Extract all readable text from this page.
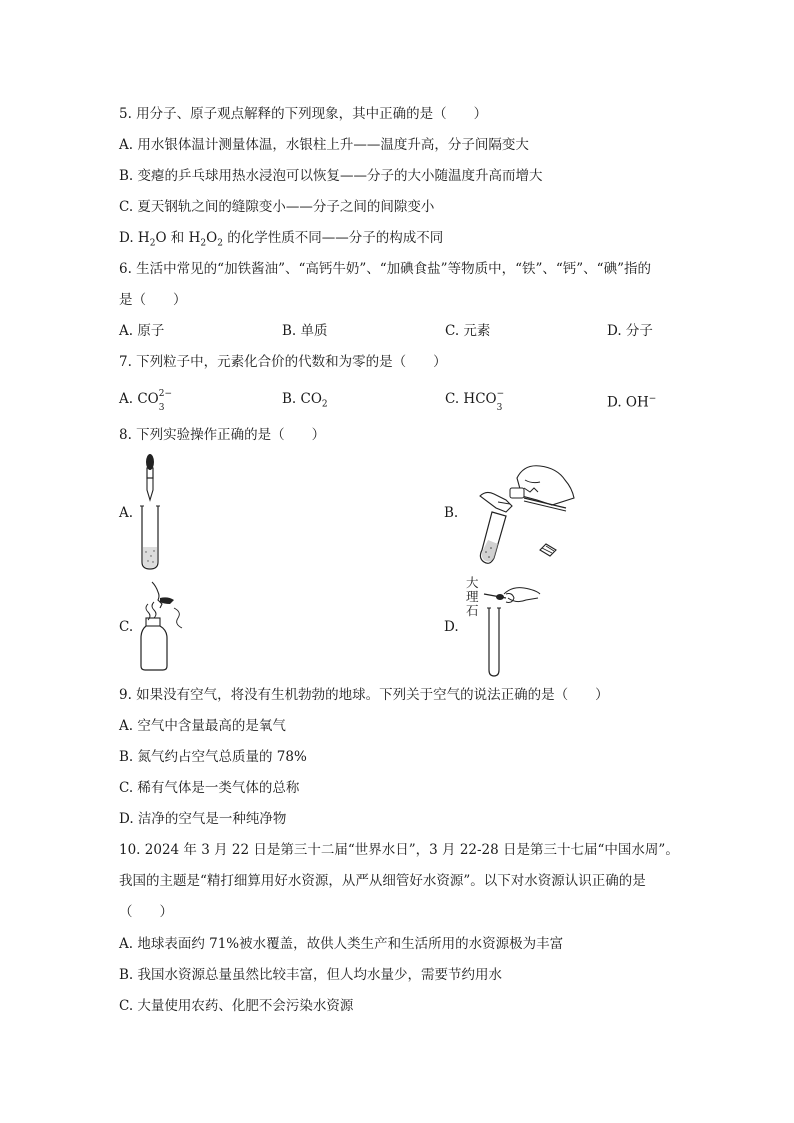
5. 用分子、原子观点解释的下列现象，其中正确的是（　　）
A. 用水银体温计测量体温，水银柱上升——温度升高，分子间隔变大
B. 变瘪的乒乓球用热水浸泡可以恢复——分子的大小随温度升高而增大
C. 夏天钢轨之间的缝隙变小——分子之间的间隙变小
D. $H_2O$ 和 $H_2O_2$ 的化学性质不同——分子的构成不同
6. 生活中常见的“加铁酱油”、“高钙牛奶”、“加碘食盐”等物质中，“铁”、“钙”、“碘”指的
是（　　）
A. 原子	B. 单质	C. 元素	D. 分子
7. 下列粒子中，元素化合价的代数和为零的是（　　）
A. CO 2−
3
B. $CO_2$	C. HCO −
3	D. OH−
8. 下列实验操作正确的是（　　）
A.	B.
C.	D.
大
理
石
9. 如果没有空气，将没有生机勃勃的地球。下列关于空气的说法正确的是（　　）
A. 空气中含量最高的是氧气
B. 氮气约占空气总质量的 78%
C. 稀有气体是一类气体的总称
D. 洁净的空气是一种纯净物
10. 2024 年 3 月 22 日是第三十二届“世界水日”，3 月 22-28 日是第三十七届“中国水周”。
我国的主题是“精打细算用好水资源，从严从细管好水资源”。以下对水资源认识正确的是
（　　）
A. 地球表面约 71%被水覆盖，故供人类生产和生活所用的水资源极为丰富
B. 我国水资源总量虽然比较丰富，但人均水量少，需要节约用水
C. 大量使用农药、化肥不会污染水资源
